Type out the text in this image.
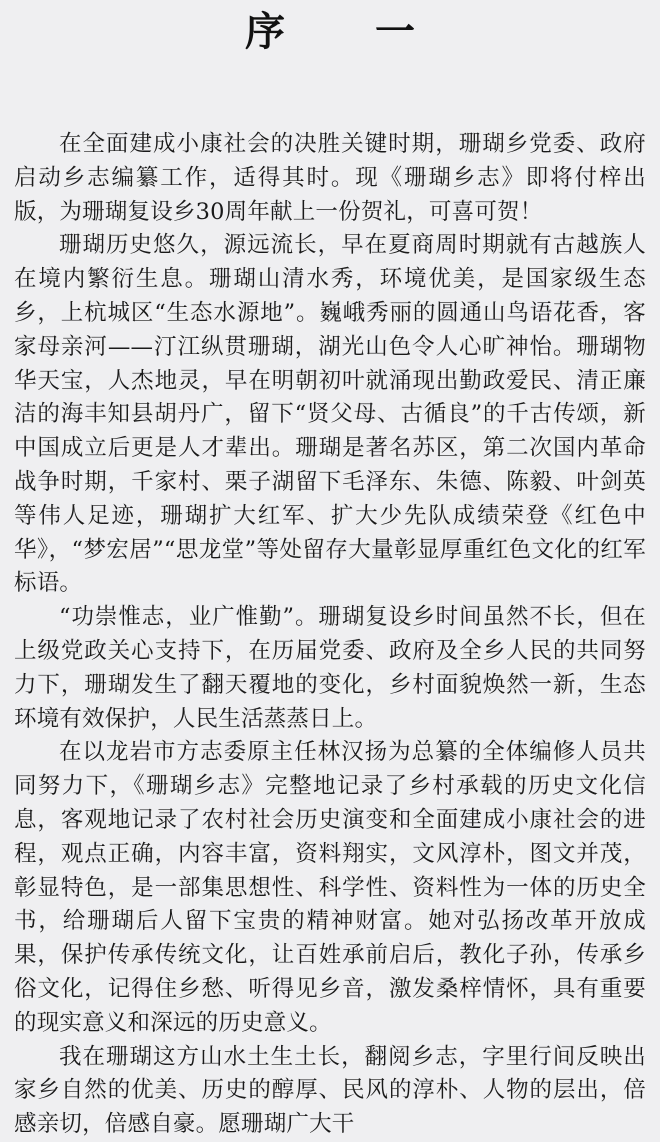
序 一

在全面建成小康社会的决胜关键时期，珊瑚乡党委、政府启动乡志编纂工作，适得其时。现《珊瑚乡志》即将付梓出版，为珊瑚复设乡30周年献上一份贺礼，可喜可贺！

珊瑚历史悠久，源远流长，早在夏商周时期就有古越族人在境内繁衍生息。珊瑚山清水秀，环境优美，是国家级生态乡，上杭城区“生态水源地”。巍峨秀丽的圆通山鸟语花香，客家母亲河——汀江纵贯珊瑚，湖光山色令人心旷神怡。珊瑚物华天宝，人杰地灵，早在明朝初叶就涌现出勤政爱民、清正廉洁的海丰知县胡丹广，留下“贤父母、古循良”的千古传颂，新中国成立后更是人才辈出。珊瑚是著名苏区，第二次国内革命战争时期，千家村、栗子湖留下毛泽东、朱德、陈毅、叶剑英等伟人足迹，珊瑚扩大红军、扩大少先队成绩荣登《红色中华》，“梦宏居”“思龙堂”等处留存大量彰显厚重红色文化的红军标语。

“功崇惟志，业广惟勤”。珊瑚复设乡时间虽然不长，但在上级党政关心支持下，在历届党委、政府及全乡人民的共同努力下，珊瑚发生了翻天覆地的变化，乡村面貌焕然一新，生态环境有效保护，人民生活蒸蒸日上。

在以龙岩市方志委原主任林汉扬为总纂的全体编修人员共同努力下，《珊瑚乡志》完整地记录了乡村承载的历史文化信息，客观地记录了农村社会历史演变和全面建成小康社会的进程，观点正确，内容丰富，资料翔实，文风淳朴，图文并茂，彰显特色，是一部集思想性、科学性、资料性为一体的历史全书，给珊瑚后人留下宝贵的精神财富。她对弘扬改革开放成果，保护传承传统文化，让百姓承前启后，教化子孙，传承乡俗文化，记得住乡愁、听得见乡音，激发桑梓情怀，具有重要的现实意义和深远的历史意义。

我在珊瑚这方山水土生土长，翻阅乡志，字里行间反映出家乡自然的优美、历史的醇厚、民风的淳朴、人物的层出，倍感亲切，倍感自豪。愿珊瑚广大干
